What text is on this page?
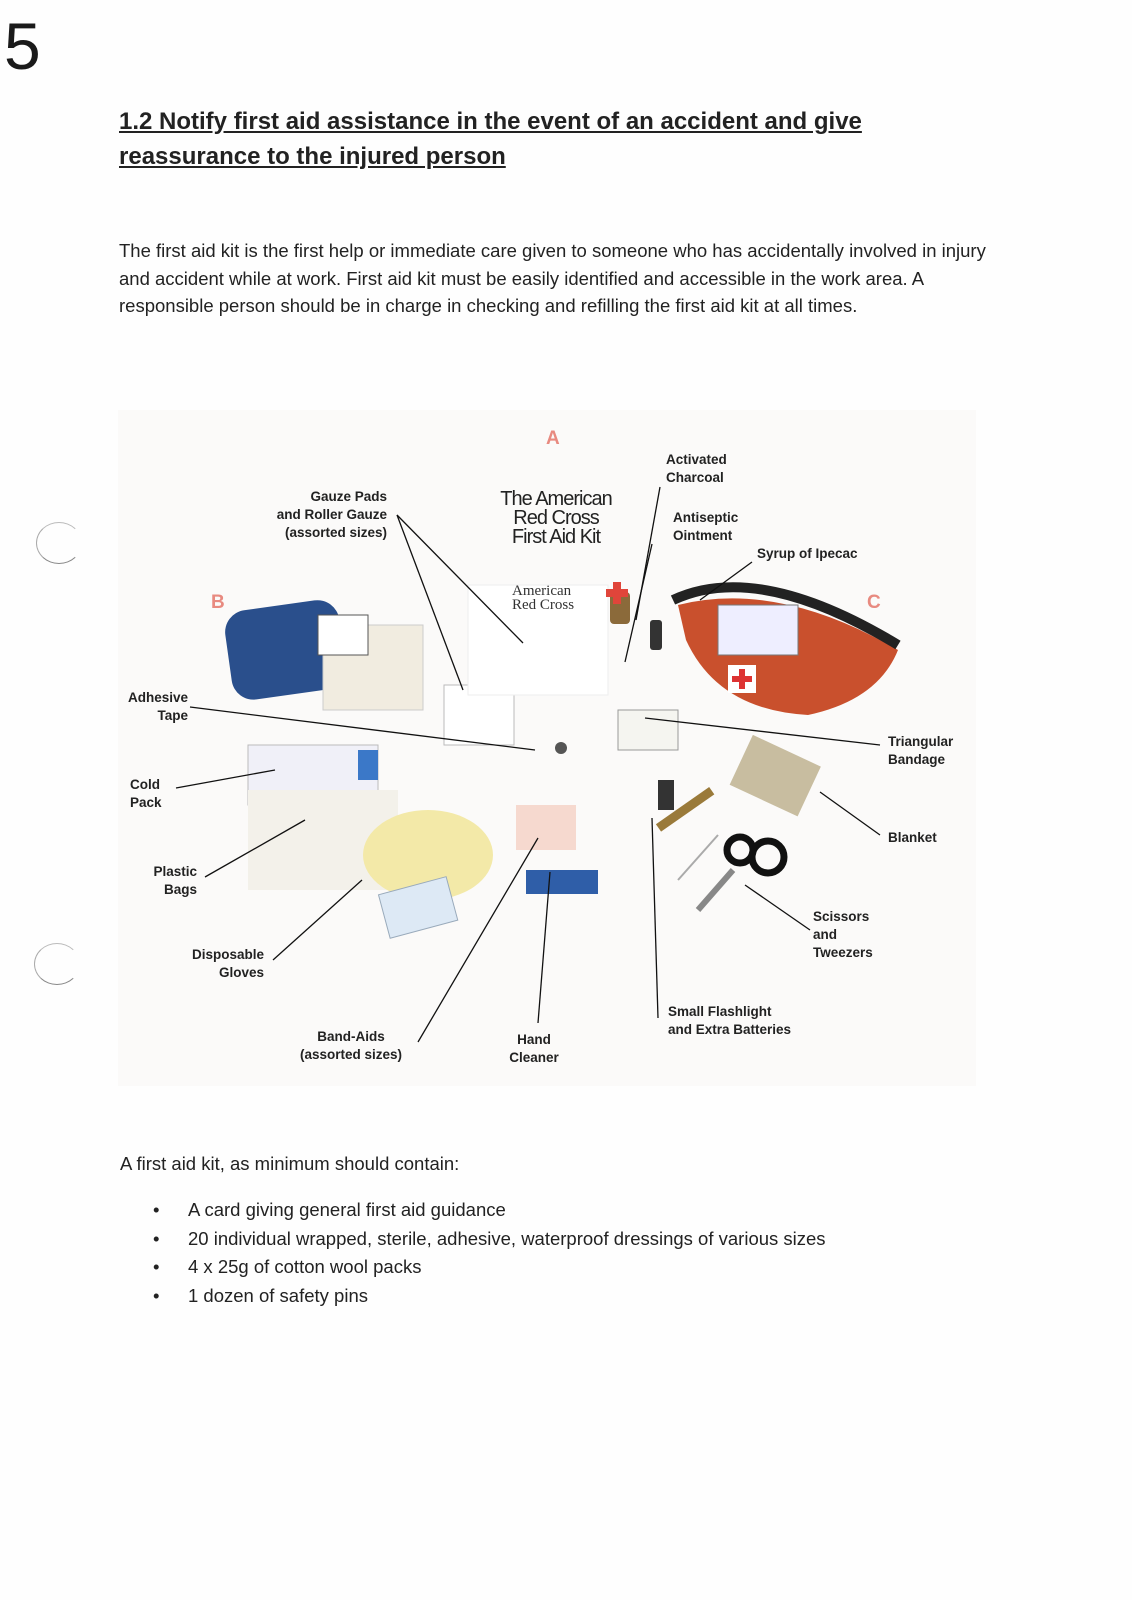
5
1.2 Notify first aid assistance in the event of an accident and give reassurance to the injured person
The first aid kit is the first help or immediate care given to someone who has accidentally involved in injury and accident while at work. First aid kit must be easily identified and accessible in the work area. A responsible person should be in charge in checking and refilling the first aid kit at all times.
A
B	C
The American
Red Cross
First Aid Kit
American
Red Cross
Gauze Pads
and Roller Gauze
(assorted sizes)
Activated
Charcoal
Antiseptic
Ointment
Syrup of Ipecac
Adhesive
Tape
Triangular
Bandage
Cold
Pack
Blanket
Plastic
Bags
Scissors
and
Tweezers
Disposable
Gloves
Small Flashlight
and Extra Batteries
Band-Aids
(assorted sizes)
Hand
Cleaner
A first aid kit, as minimum should contain:
• A card giving general first aid guidance
• 20 individual wrapped, sterile, adhesive, waterproof dressings of various sizes
• 4 x 25g of cotton wool packs
• 1 dozen of safety pins
